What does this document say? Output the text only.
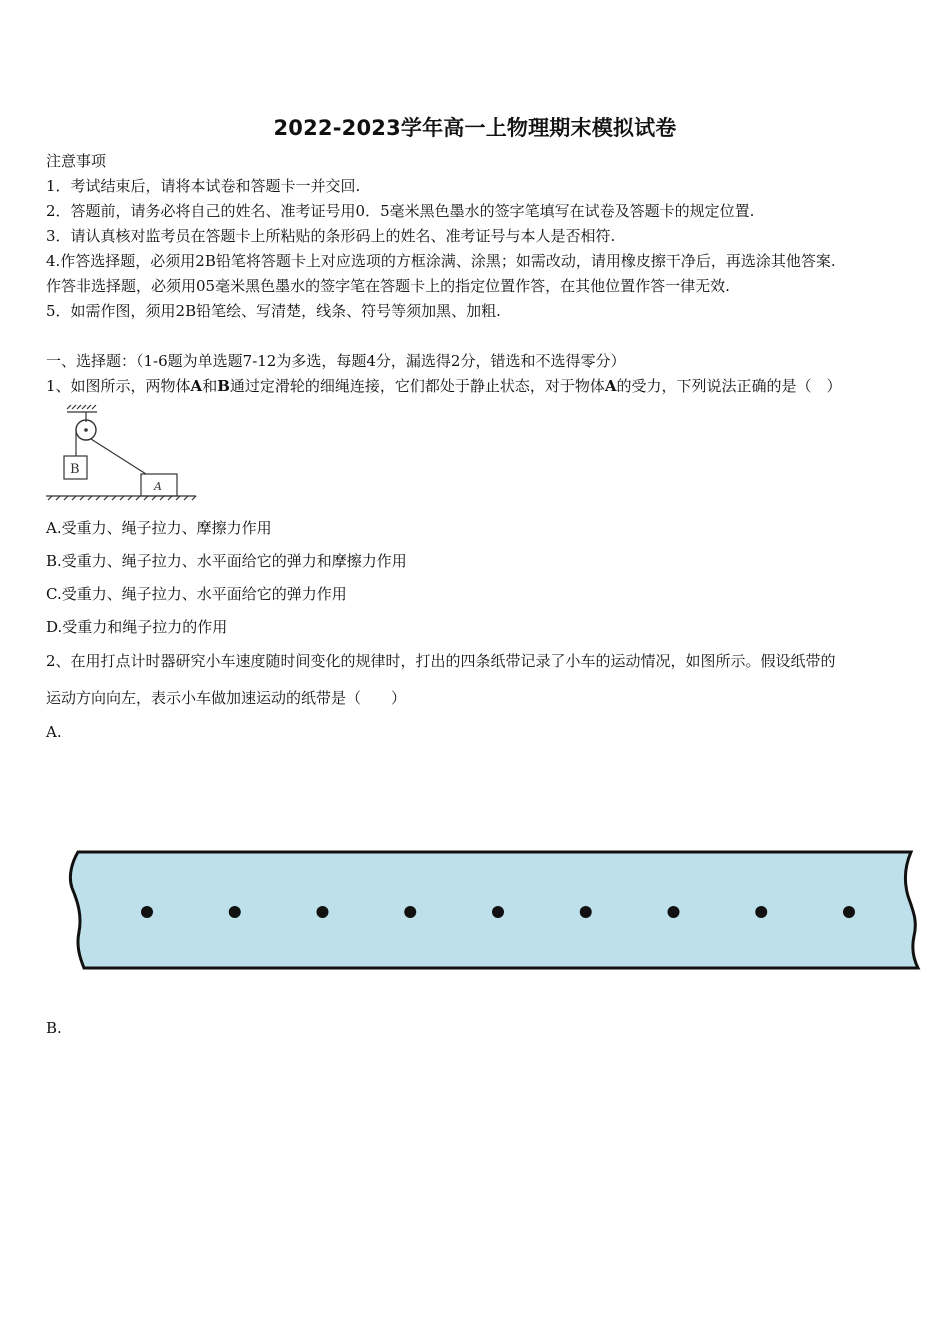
2022-2023学年高一上物理期末模拟试卷
注意事项
1．考试结束后，请将本试卷和答题卡一并交回.
2．答题前，请务必将自己的姓名、准考证号用0．5毫米黑色墨水的签字笔填写在试卷及答题卡的规定位置.
3．请认真核对监考员在答题卡上所粘贴的条形码上的姓名、准考证号与本人是否相符.
4.作答选择题，必须用2B铅笔将答题卡上对应选项的方框涂满、涂黑；如需改动，请用橡皮擦干净后，再选涂其他答案.
作答非选择题，必须用05毫米黑色墨水的签字笔在答题卡上的指定位置作答，在其他位置作答一律无效.
5．如需作图，须用2B铅笔绘、写清楚，线条、符号等须加黑、加粗.
一、选择题：（1-6题为单选题7-12为多选，每题4分，漏选得2分，错选和不选得零分）
1、如图所示，两物体A和B通过定滑轮的细绳连接，它们都处于静止状态，对于物体A的受力，下列说法正确的是（　）
B
A
A.受重力、绳子拉力、摩擦力作用
B.受重力、绳子拉力、水平面给它的弹力和摩擦力作用
C.受重力、绳子拉力、水平面给它的弹力作用
D.受重力和绳子拉力的作用
2、在用打点计时器研究小车速度随时间变化的规律时，打出的四条纸带记录了小车的运动情况，如图所示。假设纸带的
运动方向向左，表示小车做加速运动的纸带是（　　）
A.
B.
